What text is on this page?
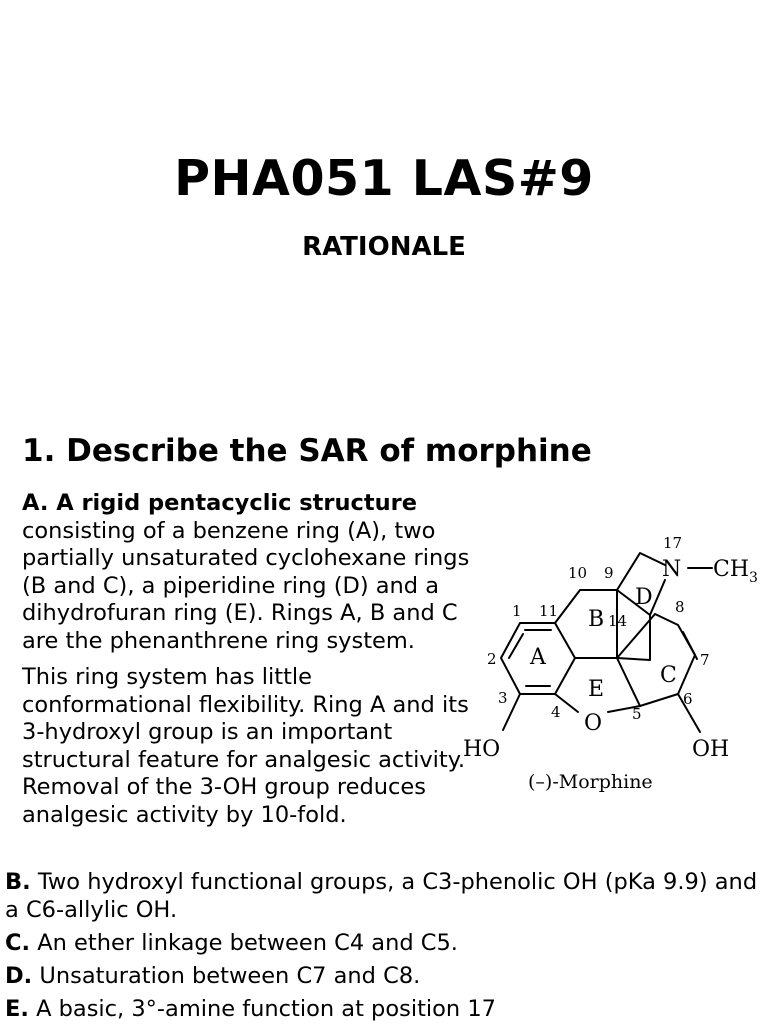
PHA051 LAS#9
RATIONALE
1. Describe the SAR of morphine
A. A rigid pentacyclic structure
consisting of a benzene ring (A), two
partially unsaturated cyclohexane rings
(B and C), a piperidine ring (D) and a
dihydrofuran ring (E). Rings A, B and C
are the phenanthrene ring system.
This ring system has little
conformational flexibility. Ring A and its
3-hydroxyl group is an important
structural feature for analgesic activity.
Removal of the 3-OH group reduces
analgesic activity by 10-fold.
A
B
C
D
E
1
2
3
4	5
6
7
8
9
10
11
14
17
O
N $CH_3$
HO	OH
(–)-Morphine
B. Two hydroxyl functional groups, a C3-phenolic OH (pKa 9.9) and
a C6-allylic OH.
C. An ether linkage between C4 and C5.
D. Unsaturation between C7 and C8.
E. A basic, 3°-amine function at position 17
